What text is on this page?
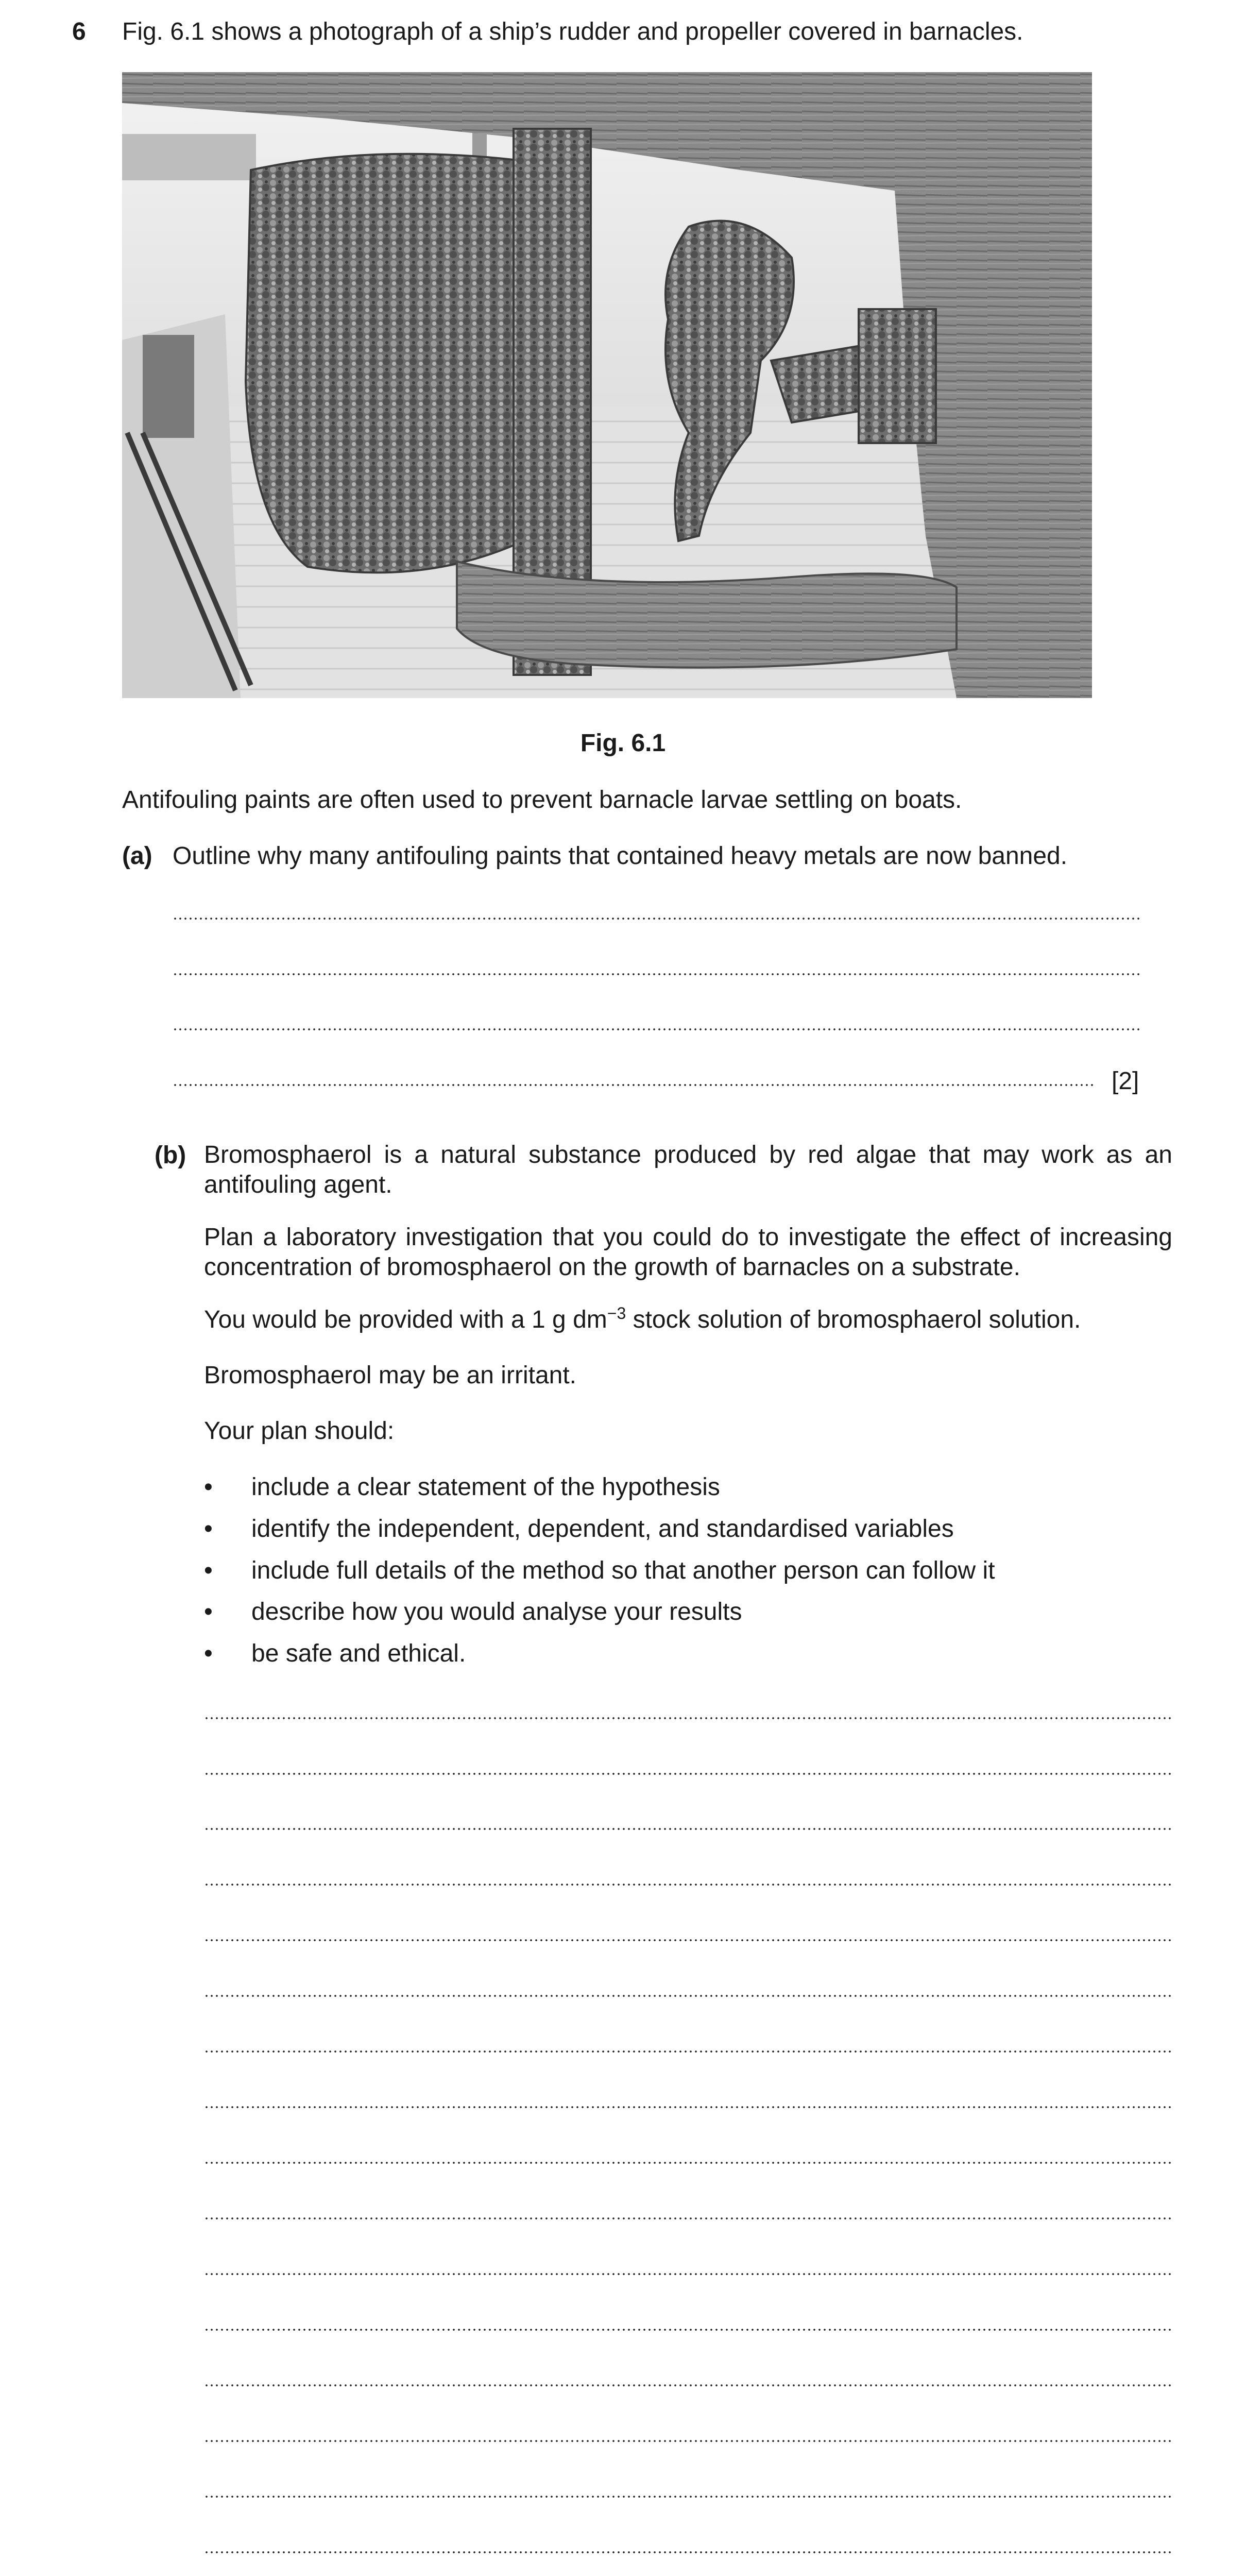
6 Fig. 6.1 shows a photograph of a ship’s rudder and propeller covered in barnacles.
Fig. 6.1
Antifouling paints are often used to prevent barnacle larvae settling on boats.
(a) Outline why many antifouling paints that contained heavy metals are now banned.
[2]
(b) Bromosphaerol is a natural substance produced by red algae that may work as an antifouling agent.
Plan a laboratory investigation that you could do to investigate the effect of increasing concentration of bromosphaerol on the growth of barnacles on a substrate.
You would be provided with a 1 g $dm^{-3}$ stock solution of bromosphaerol solution.
Bromosphaerol may be an irritant.
Your plan should:
• include a clear statement of the hypothesis
• identify the independent, dependent, and standardised variables
• include full details of the method so that another person can follow it
• describe how you would analyse your results
• be safe and ethical.
